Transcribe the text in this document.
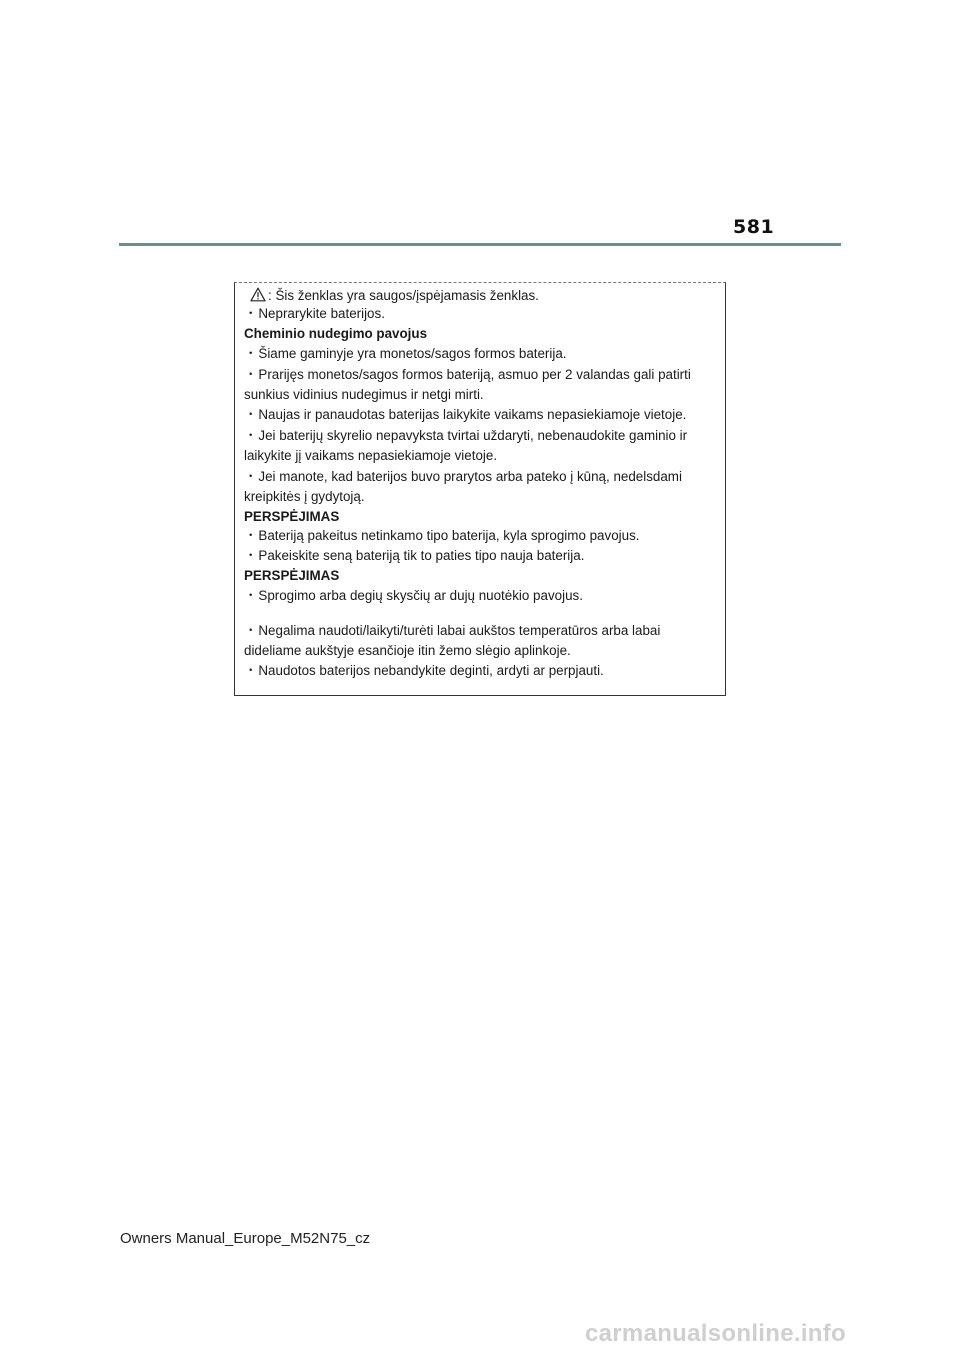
581
: Šis ženklas yra saugos/įspėjamasis ženklas.
・ Neprarykite baterijos.
Cheminio nudegimo pavojus
・ Šiame gaminyje yra monetos/sagos formos baterija.
・ Prarijęs monetos/sagos formos bateriją, asmuo per 2 valandas gali patirti
sunkius vidinius nudegimus ir netgi mirti.
・ Naujas ir panaudotas baterijas laikykite vaikams nepasiekiamoje vietoje.
・ Jei baterijų skyrelio nepavyksta tvirtai uždaryti, nebenaudokite gaminio ir
laikykite jį vaikams nepasiekiamoje vietoje.
・ Jei manote, kad baterijos buvo prarytos arba pateko į kūną, nedelsdami
kreipkitės į gydytoją.
PERSPĖJIMAS
・ Bateriją pakeitus netinkamo tipo baterija, kyla sprogimo pavojus.
・ Pakeiskite seną bateriją tik to paties tipo nauja baterija.
PERSPĖJIMAS
・ Sprogimo arba degių skysčių ar dujų nuotėkio pavojus.
・ Negalima naudoti/laikyti/turėti labai aukštos temperatūros arba labai
dideliame aukštyje esančioje itin žemo slėgio aplinkoje.
・ Naudotos baterijos nebandykite deginti, ardyti ar perpjauti.
Owners Manual_Europe_M52N75_cz
carmanualsonline.info
